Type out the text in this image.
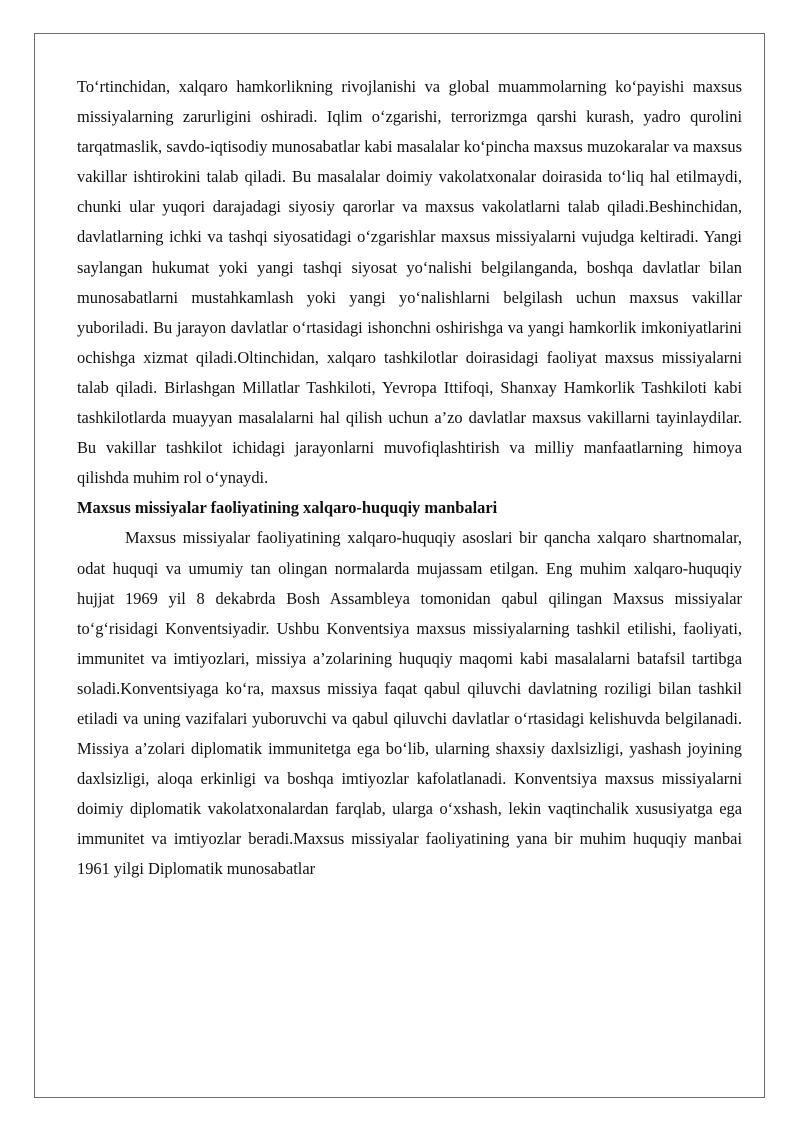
To‘rtinchidan, xalqaro hamkorlikning rivojlanishi va global muammolarning ko‘payishi maxsus missiyalarning zarurligini oshiradi. Iqlim o‘zgarishi, terrorizmga qarshi kurash, yadro qurolini tarqatmaslik, savdo-iqtisodiy munosabatlar kabi masalalar ko‘pincha maxsus muzokaralar va maxsus vakillar ishtirokini talab qiladi. Bu masalalar doimiy vakolatxonalar doirasida to‘liq hal etilmaydi, chunki ular yuqori darajadagi siyosiy qarorlar va maxsus vakolatlarni talab qiladi.Beshinchidan, davlatlarning ichki va tashqi siyosatidagi o‘zgarishlar maxsus missiyalarni vujudga keltiradi. Yangi saylangan hukumat yoki yangi tashqi siyosat yo‘nalishi belgilanganda, boshqa davlatlar bilan munosabatlarni mustahkamlash yoki yangi yo‘nalishlarni belgilash uchun maxsus vakillar yuboriladi. Bu jarayon davlatlar o‘rtasidagi ishonchni oshirishga va yangi hamkorlik imkoniyatlarini ochishga xizmat qiladi.Oltinchidan, xalqaro tashkilotlar doirasidagi faoliyat maxsus missiyalarni talab qiladi. Birlashgan Millatlar Tashkiloti, Yevropa Ittifoqi, Shanxay Hamkorlik Tashkiloti kabi tashkilotlarda muayyan masalalarni hal qilish uchun a’zo davlatlar maxsus vakillarni tayinlaydilar. Bu vakillar tashkilot ichidagi jarayonlarni muvofiqlashtirish va milliy manfaatlarning himoya qilishda muhim rol o‘ynaydi.

Maxsus missiyalar faoliyatining xalqaro-huquqiy manbalari

Maxsus missiyalar faoliyatining xalqaro-huquqiy asoslari bir qancha xalqaro shartnomalar, odat huquqi va umumiy tan olingan normalarda mujassam etilgan. Eng muhim xalqaro-huquqiy hujjat 1969 yil 8 dekabrda Bosh Assambleya tomonidan qabul qilingan Maxsus missiyalar to‘g‘risidagi Konventsiyadir. Ushbu Konventsiya maxsus missiyalarning tashkil etilishi, faoliyati, immunitet va imtiyozlari, missiya a’zolarining huquqiy maqomi kabi masalalarni batafsil tartibga soladi.Konventsiyaga ko‘ra, maxsus missiya faqat qabul qiluvchi davlatning roziligi bilan tashkil etiladi va uning vazifalari yuboruvchi va qabul qiluvchi davlatlar o‘rtasidagi kelishuvda belgilanadi. Missiya a’zolari diplomatik immunitetga ega bo‘lib, ularning shaxsiy daxlsizligi, yashash joyining daxlsizligi, aloqa erkinligi va boshqa imtiyozlar kafolatlanadi. Konventsiya maxsus missiyalarni doimiy diplomatik vakolatxonalardan farqlab, ularga o‘xshash, lekin vaqtinchalik xususiyatga ega immunitet va imtiyozlar beradi.Maxsus missiyalar faoliyatining yana bir muhim huquqiy manbai 1961 yilgi Diplomatik munosabatlar
